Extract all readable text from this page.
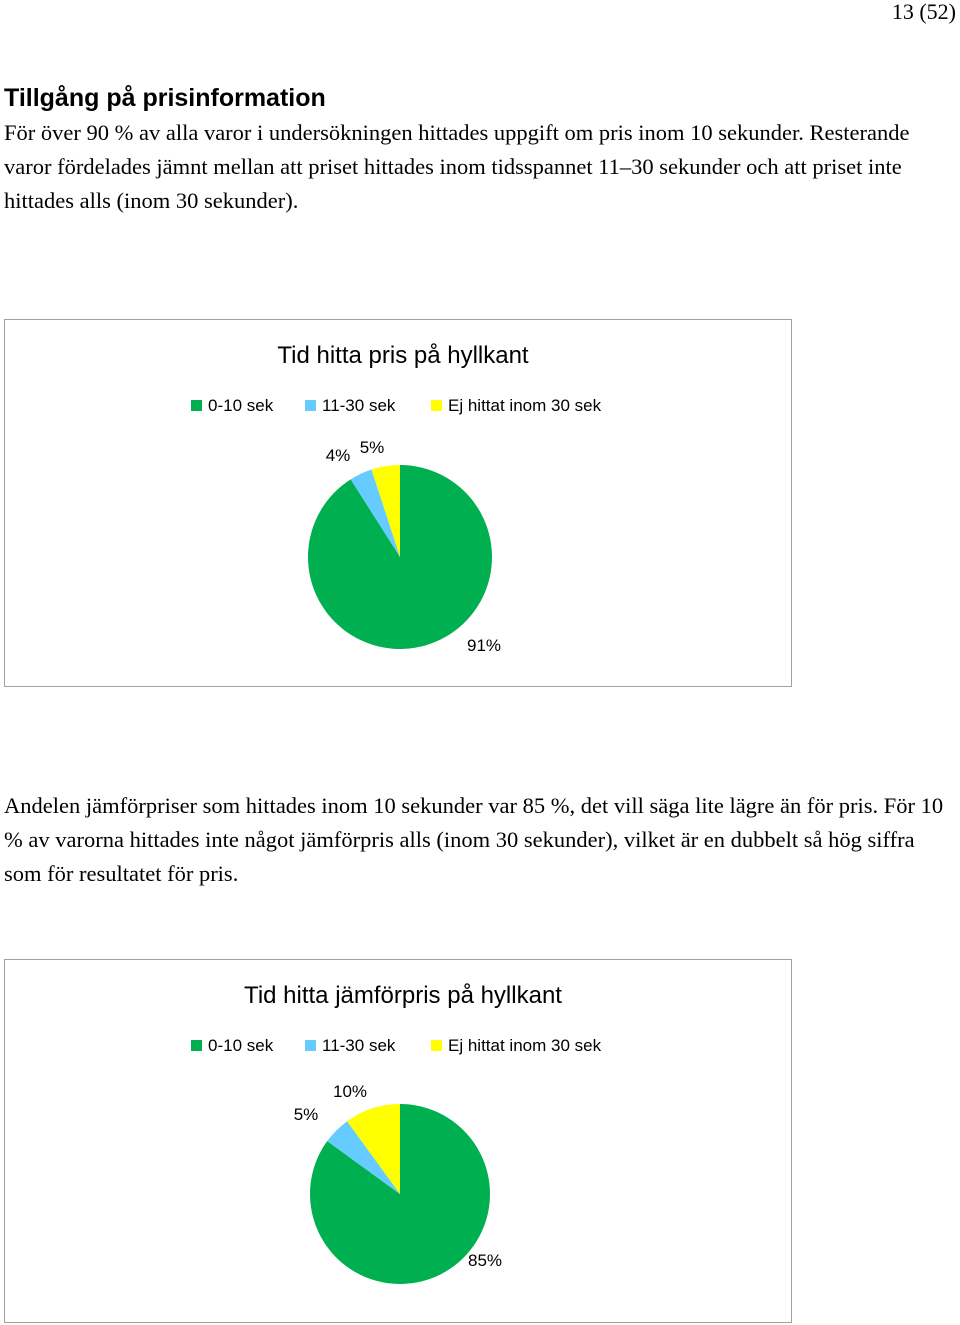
13 (52)
Tillgång på prisinformation

För över 90 % av alla varor i undersökningen hittades uppgift om pris inom 10 sekunder. Resterande varor fördelades jämnt mellan att priset hittades inom tidsspannet 11–30 sekunder och att priset inte hittades alls (inom 30 sekunder).

Tid hitta pris på hyllkant
0-10 sek	11-30 sek	Ej hittat inom 30 sek
91%
4% 5%

Andelen jämförpriser som hittades inom 10 sekunder var 85 %, det vill säga lite lägre än för pris. För 10 % av varorna hittades inte något jämförpris alls (inom 30 sekunder), vilket är en dubbelt så hög siffra som för resultatet för pris.

Tid hitta jämförpris på hyllkant
0-10 sek	11-30 sek	Ej hittat inom 30 sek
85%
5%
10%
